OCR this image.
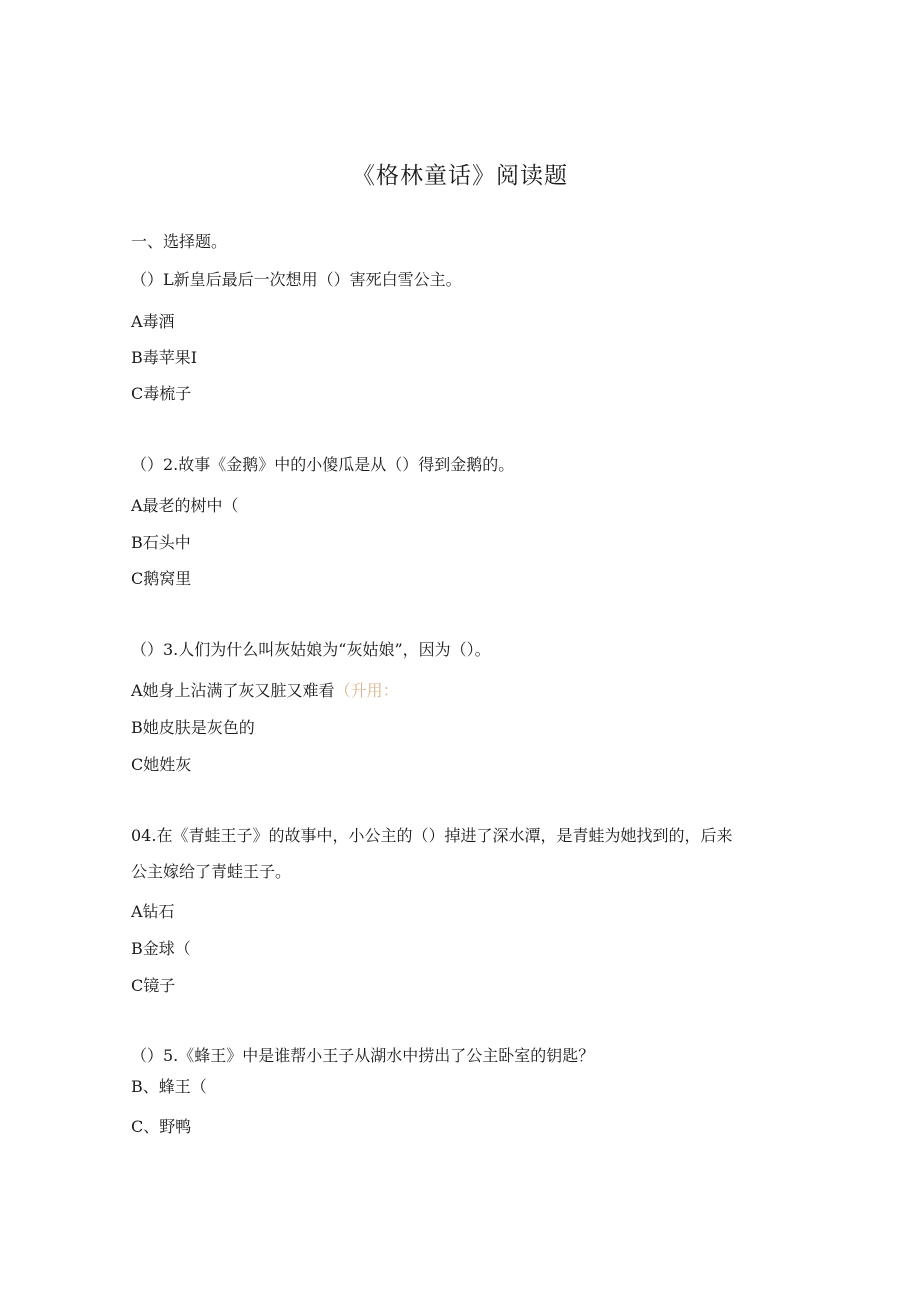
《格林童话》阅读题
一、选择题。
（）L新皇后最后一次想用（）害死白雪公主。
A毒酒
B毒苹果I
C毒梳子
（）2.故事《金鹅》中的小傻瓜是从（）得到金鹅的。
A最老的树中（
B石头中
C鹅窝里
（）3.人们为什么叫灰姑娘为“灰姑娘”，因为（）。
A她身上沾满了灰又脏又难看（升用：
B她皮肤是灰色的
C她姓灰
04.在《青蛙王子》的故事中，小公主的（）掉进了深水潭，是青蛙为她找到的，后来
公主嫁给了青蛙王子。
A钻石
B金球（
C镜子
（）5.《蜂王》中是谁帮小王子从湖水中捞出了公主卧室的钥匙？
B、蜂王（
C、野鸭
